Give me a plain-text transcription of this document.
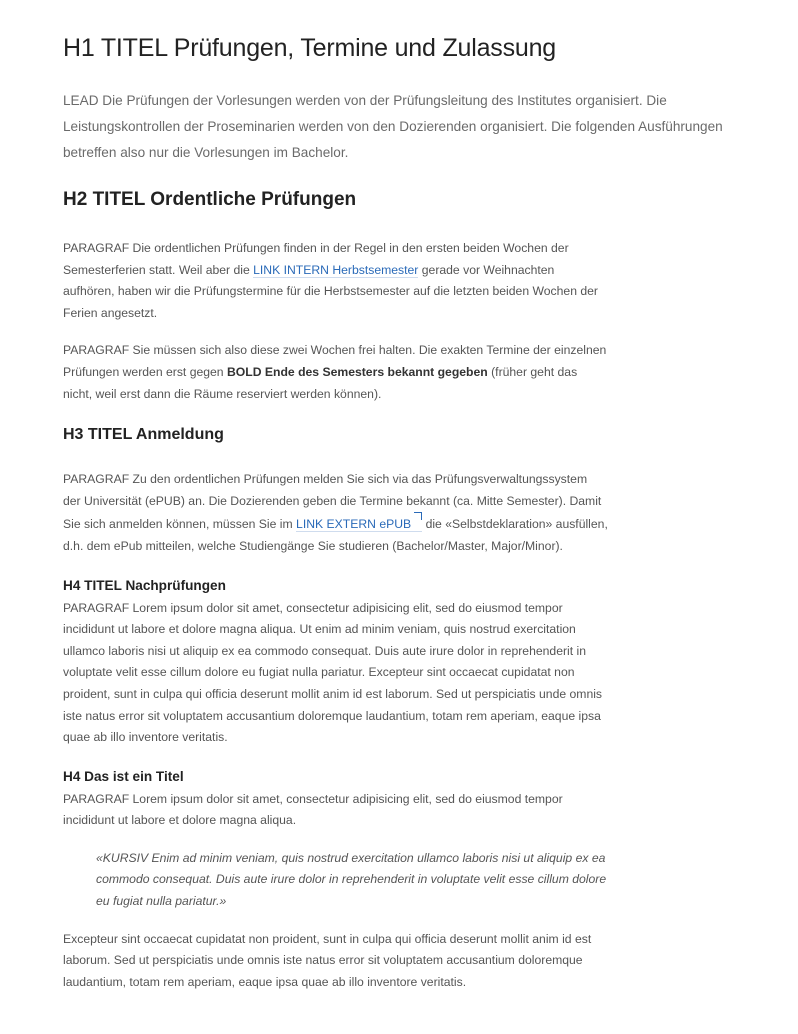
H1 TITEL Prüfungen, Termine und Zulassung

LEAD Die Prüfungen der Vorlesungen werden von der Prüfungsleitung des Institutes organisiert. Die Leistungskontrollen der Proseminarien werden von den Dozierenden organisiert. Die folgenden Ausführungen betreffen also nur die Vorlesungen im Bachelor.

H2 TITEL Ordentliche Prüfungen

PARAGRAF Die ordentlichen Prüfungen finden in der Regel in den ersten beiden Wochen der Semesterferien statt. Weil aber die LINK INTERN Herbstsemester gerade vor Weihnachten aufhören, haben wir die Prüfungstermine für die Herbstsemester auf die letzten beiden Wochen der Ferien angesetzt.

PARAGRAF Sie müssen sich also diese zwei Wochen frei halten. Die exakten Termine der einzelnen Prüfungen werden erst gegen BOLD Ende des Semesters bekannt gegeben (früher geht das nicht, weil erst dann die Räume reserviert werden können).

H3 TITEL Anmeldung

PARAGRAF Zu den ordentlichen Prüfungen melden Sie sich via das Prüfungsverwaltungssystem der Universität (ePUB) an. Die Dozierenden geben die Termine bekannt (ca. Mitte Semester). Damit Sie sich anmelden können, müssen Sie im LINK EXTERN ePUB die «Selbstdeklaration» ausfüllen, d.h. dem ePub mitteilen, welche Studiengänge Sie studieren (Bachelor/Master, Major/Minor).

H4 TITEL Nachprüfungen

PARAGRAF Lorem ipsum dolor sit amet, consectetur adipisicing elit, sed do eiusmod tempor incididunt ut labore et dolore magna aliqua. Ut enim ad minim veniam, quis nostrud exercitation ullamco laboris nisi ut aliquip ex ea commodo consequat. Duis aute irure dolor in reprehenderit in voluptate velit esse cillum dolore eu fugiat nulla pariatur. Excepteur sint occaecat cupidatat non proident, sunt in culpa qui officia deserunt mollit anim id est laborum. Sed ut perspiciatis unde omnis iste natus error sit voluptatem accusantium doloremque laudantium, totam rem aperiam, eaque ipsa quae ab illo inventore veritatis.

H4 Das ist ein Titel

PARAGRAF Lorem ipsum dolor sit amet, consectetur adipisicing elit, sed do eiusmod tempor incididunt ut labore et dolore magna aliqua.

«KURSIV Enim ad minim veniam, quis nostrud exercitation ullamco laboris nisi ut aliquip ex ea commodo consequat. Duis aute irure dolor in reprehenderit in voluptate velit esse cillum dolore eu fugiat nulla pariatur.»

Excepteur sint occaecat cupidatat non proident, sunt in culpa qui officia deserunt mollit anim id est laborum. Sed ut perspiciatis unde omnis iste natus error sit voluptatem accusantium doloremque laudantium, totam rem aperiam, eaque ipsa quae ab illo inventore veritatis.
